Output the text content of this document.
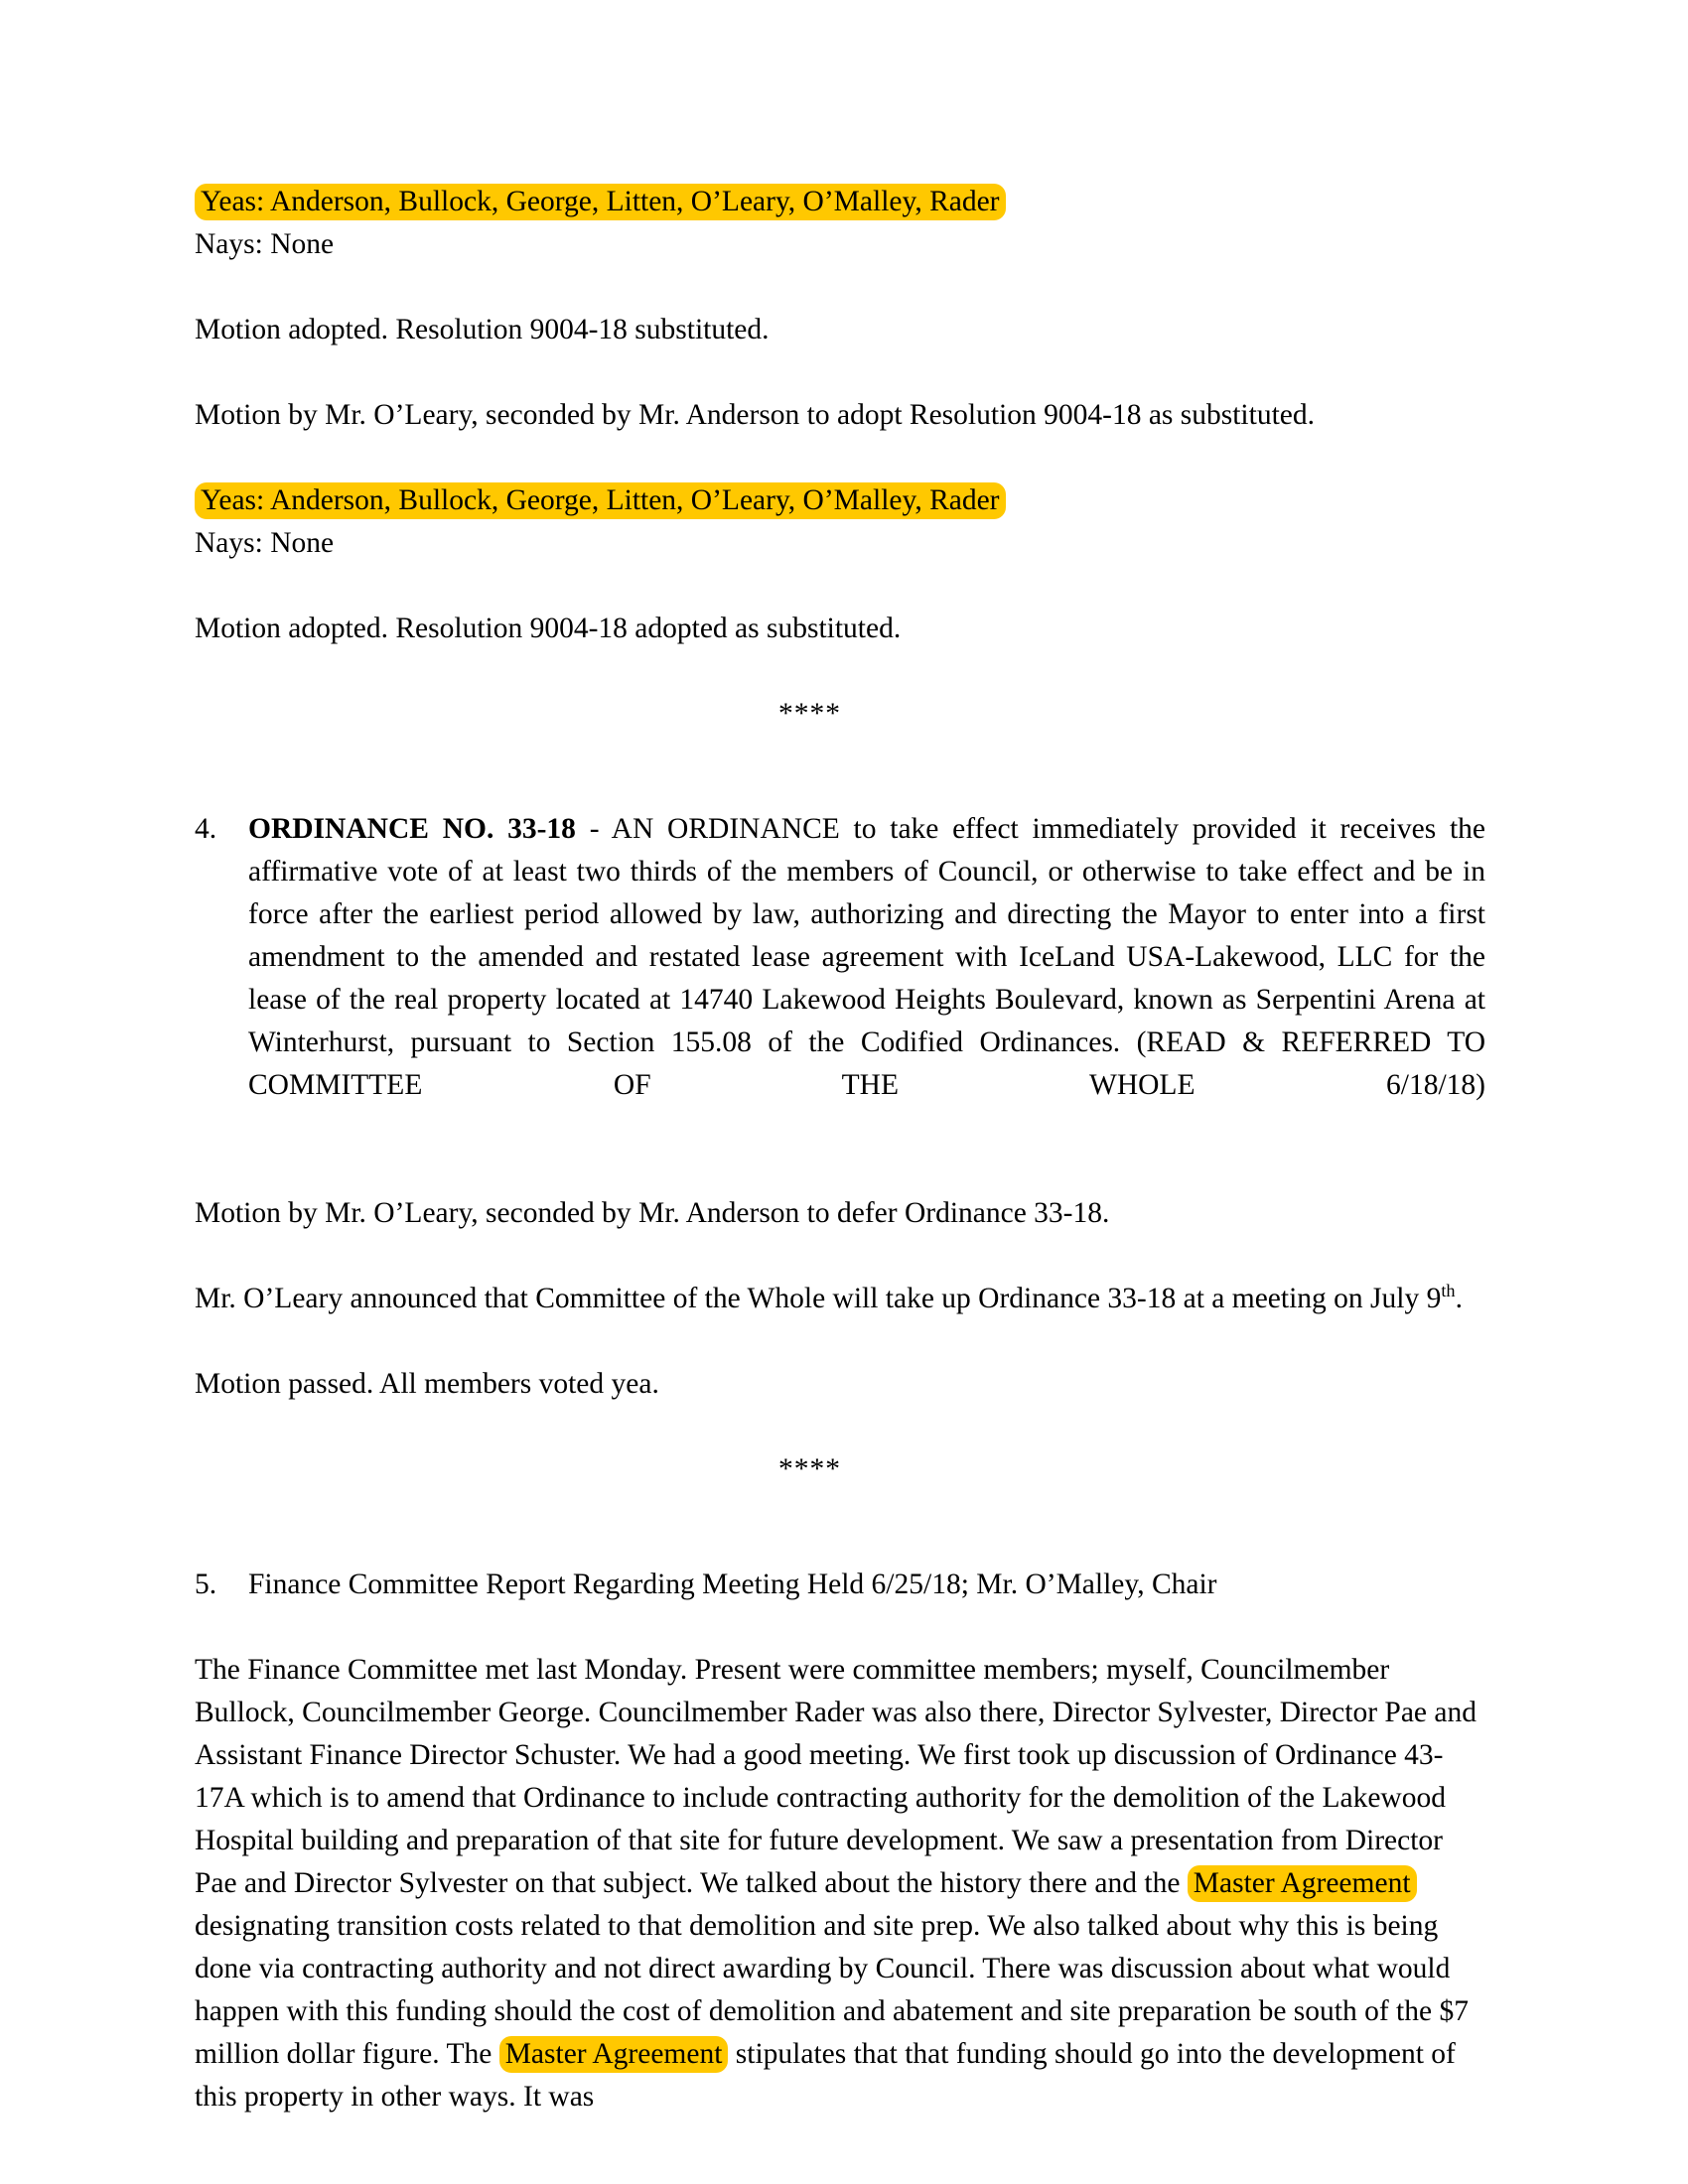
Yeas: Anderson, Bullock, George, Litten, O’Leary, O’Malley, Rader

Nays: None

Motion adopted. Resolution 9004-18 substituted.

Motion by Mr. O’Leary, seconded by Mr. Anderson to adopt Resolution 9004-18 as substituted.

Yeas: Anderson, Bullock, George, Litten, O’Leary, O’Malley, Rader

Nays: None

Motion adopted. Resolution 9004-18 adopted as substituted.

****

4.	ORDINANCE NO. 33-18 - AN ORDINANCE to take effect immediately provided it receives the affirmative vote of at least two thirds of the members of Council, or otherwise to take effect and be in force after the earliest period allowed by law, authorizing and directing the Mayor to enter into a first amendment to the amended and restated lease agreement with IceLand USA-Lakewood, LLC for the lease of the real property located at 14740 Lakewood Heights Boulevard, known as Serpentini Arena at Winterhurst, pursuant to Section 155.08 of the Codified Ordinances. (READ & REFERRED TO COMMITTEE OF THE WHOLE 6/18/18)

Motion by Mr. O’Leary, seconded by Mr. Anderson to defer Ordinance 33-18.

Mr. O’Leary announced that Committee of the Whole will take up Ordinance 33-18 at a meeting on July 9th.

Motion passed. All members voted yea.

****

5.	Finance Committee Report Regarding Meeting Held 6/25/18; Mr. O’Malley, Chair

The Finance Committee met last Monday. Present were committee members; myself, Councilmember Bullock, Councilmember George. Councilmember Rader was also there, Director Sylvester, Director Pae and Assistant Finance Director Schuster. We had a good meeting. We first took up discussion of Ordinance 43-17A which is to amend that Ordinance to include contracting authority for the demolition of the Lakewood Hospital building and preparation of that site for future development. We saw a presentation from Director Pae and Director Sylvester on that subject. We talked about the history there and the Master Agreement designating transition costs related to that demolition and site prep. We also talked about why this is being done via contracting authority and not direct awarding by Council. There was discussion about what would happen with this funding should the cost of demolition and abatement and site preparation be south of the $7 million dollar figure. The Master Agreement stipulates that that funding should go into the development of this property in other ways. It was
